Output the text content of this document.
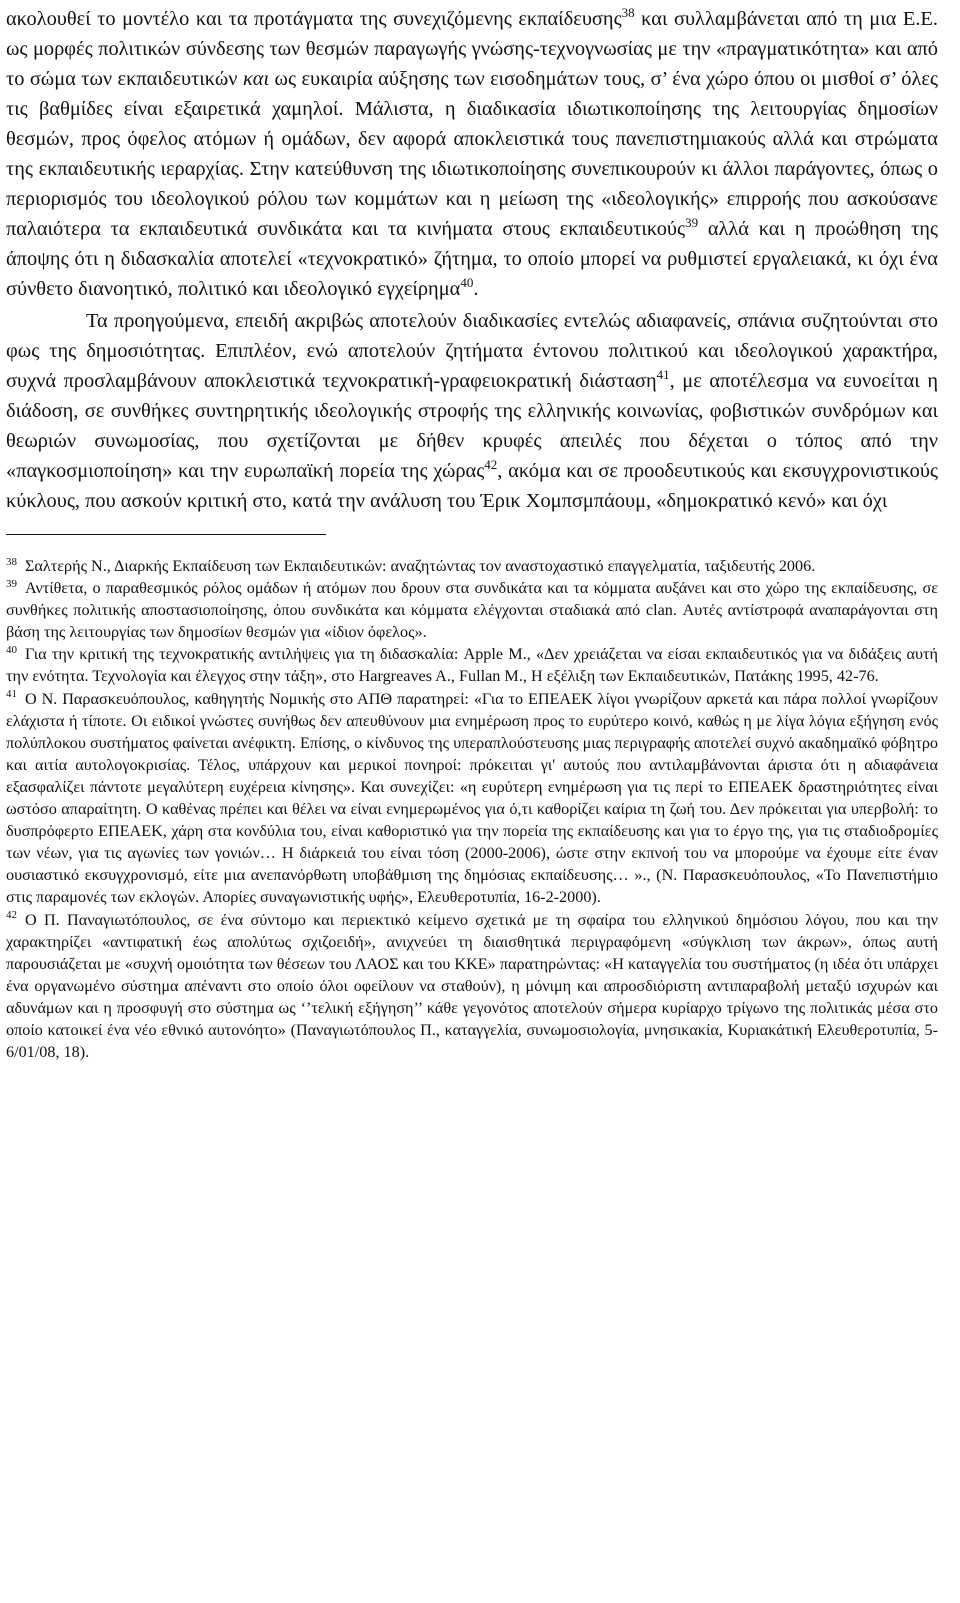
ακολουθεί το μοντέλο και τα προτάγματα της συνεχιζόμενης εκπαίδευσης$^{38}$ και συλλαμβάνεται από τη μια Ε.Ε. ως μορφές πολιτικών σύνδεσης των θεσμών παραγωγής γνώσης-τεχνογνωσίας με την «πραγματικότητα» και από το σώμα των εκπαιδευτικών και ως ευκαιρία αύξησης των εισοδημάτων τους, σ’ ένα χώρο όπου οι μισθοί σ’ όλες τις βαθμίδες είναι εξαιρετικά χαμηλοί. Μάλιστα, η διαδικασία ιδιωτικοποίησης της λειτουργίας δημοσίων θεσμών, προς όφελος ατόμων ή ομάδων, δεν αφορά αποκλειστικά τους πανεπιστημιακούς αλλά και στρώματα της εκπαιδευτικής ιεραρχίας. Στην κατεύθυνση της ιδιωτικοποίησης συνεπικουρούν κι άλλοι παράγοντες, όπως ο περιορισμός του ιδεολογικού ρόλου των κομμάτων και η μείωση της «ιδεολογικής» επιρροής που ασκούσανε παλαιότερα τα εκπαιδευτικά συνδικάτα και τα κινήματα στους εκπαιδευτικούς$^{39}$ αλλά και η προώθηση της άποψης ότι η διδασκαλία αποτελεί «τεχνοκρατικό» ζήτημα, το οποίο μπορεί να ρυθμιστεί εργαλειακά, κι όχι ένα σύνθετο διανοητικό, πολιτικό και ιδεολογικό εγχείρημα$^{40}$.

Τα προηγούμενα, επειδή ακριβώς αποτελούν διαδικασίες εντελώς αδιαφανείς, σπάνια συζητούνται στο φως της δημοσιότητας. Επιπλέον, ενώ αποτελούν ζητήματα έντονου πολιτικού και ιδεολογικού χαρακτήρα, συχνά προσλαμβάνουν αποκλειστικά τεχνοκρατική-γραφειοκρατική διάσταση$^{41}$, με αποτέλεσμα να ευνοείται η διάδοση, σε συνθήκες συντηρητικής ιδεολογικής στροφής της ελληνικής κοινωνίας, φοβιστικών συνδρόμων και θεωριών συνωμοσίας, που σχετίζονται με δήθεν κρυφές απειλές που δέχεται ο τόπος από την «παγκοσμιοποίηση» και την ευρωπαϊκή πορεία της χώρας$^{42}$, ακόμα και σε προοδευτικούς και εκσυγχρονιστικούς κύκλους, που ασκούν κριτική στο, κατά την ανάλυση του Έρικ Χομπσμπάουμ, «δημοκρατικό κενό» και όχι

$^{38}$ Σαλτερής Ν., Διαρκής Εκπαίδευση των Εκπαιδευτικών: αναζητώντας τον αναστοχαστικό επαγγελματία, ταξιδευτής 2006.

$^{39}$ Αντίθετα, ο παραθεσμικός ρόλος ομάδων ή ατόμων που δρουν στα συνδικάτα και τα κόμματα αυξάνει και στο χώρο της εκπαίδευσης, σε συνθήκες πολιτικής αποστασιοποίησης, όπου συνδικάτα και κόμματα ελέγχονται σταδιακά από clan. Αυτές αντίστροφά αναπαράγονται στη βάση της λειτουργίας των δημοσίων θεσμών για «ίδιον όφελος».

$^{40}$ Για την κριτική της τεχνοκρατικής αντιλήψεις για τη διδασκαλία: Apple M., «Δεν χρειάζεται να είσαι εκπαιδευτικός για να διδάξεις αυτή την ενότητα. Τεχνολογία και έλεγχος στην τάξη», στο Hargreaves A., Fullan M., Η εξέλιξη των Εκπαιδευτικών, Πατάκης 1995, 42-76.

$^{41}$ Ο Ν. Παρασκευόπουλος, καθηγητής Νομικής στο ΑΠΘ παρατηρεί: «Για το ΕΠΕΑΕΚ λίγοι γνωρίζουν αρκετά και πάρα πολλοί γνωρίζουν ελάχιστα ή τίποτε. Οι ειδικοί γνώστες συνήθως δεν απευθύνουν μια ενημέρωση προς το ευρύτερο κοινό, καθώς η με λίγα λόγια εξήγηση ενός πολύπλοκου συστήματος φαίνεται ανέφικτη. Επίσης, ο κίνδυνος της υπεραπλούστευσης μιας περιγραφής αποτελεί συχνό ακαδημαϊκό φόβητρο και αιτία αυτολογοκρισίας. Τέλος, υπάρχουν και μερικοί πονηροί: πρόκειται γι' αυτούς που αντιλαμβάνονται άριστα ότι η αδιαφάνεια εξασφαλίζει πάντοτε μεγαλύτερη ευχέρεια κίνησης». Και συνεχίζει: «η ευρύτερη ενημέρωση για τις περί το ΕΠΕΑΕΚ δραστηριότητες είναι ωστόσο απαραίτητη. Ο καθένας πρέπει και θέλει να είναι ενημερωμένος για ό,τι καθορίζει καίρια τη ζωή του. Δεν πρόκειται για υπερβολή: το δυσπρόφερτο ΕΠΕΑΕΚ, χάρη στα κονδύλια του, είναι καθοριστικό για την πορεία της εκπαίδευσης και για το έργο της, για τις σταδιοδρομίες των νέων, για τις αγωνίες των γονιών… Η διάρκειά του είναι τόση (2000-2006), ώστε στην εκπνοή του να μπορούμε να έχουμε είτε έναν ουσιαστικό εκσυγχρονισμό, είτε μια ανεπανόρθωτη υποβάθμιση της δημόσιας εκπαίδευσης… »., (Ν. Παρασκευόπουλος, «Το Πανεπιστήμιο στις παραμονές των εκλογών. Απορίες συναγωνιστικής υφής», Ελευθεροτυπία, 16-2-2000).

$^{42}$ Ο Π. Παναγιωτόπουλος, σε ένα σύντομο και περιεκτικό κείμενο σχετικά με τη σφαίρα του ελληνικού δημόσιου λόγου, που και την χαρακτηρίζει «αντιφατική έως απολύτως σχιζοειδή», ανιχνεύει τη διαισθητικά περιγραφόμενη «σύγκλιση των άκρων», όπως αυτή παρουσιάζεται με «συχνή ομοιότητα των θέσεων του ΛΑΟΣ και του ΚΚΕ» παρατηρώντας: «Η καταγγελία του συστήματος (η ιδέα ότι υπάρχει ένα οργανωμένο σύστημα απέναντι στο οποίο όλοι οφείλουν να σταθούν), η μόνιμη και απροσδιόριστη αντιπαραβολή μεταξύ ισχυρών και αδυνάμων και η προσφυγή στο σύστημα ως ‘’τελική εξήγηση’’ κάθε γεγονότος αποτελούν σήμερα κυρίαρχο τρίγωνο της πολιτικάς μέσα στο οποίο κατοικεί ένα νέο εθνικό αυτονόητο» (Παναγιωτόπουλος Π., καταγγελία, συνωμοσιολογία, μνησικακία, Κυριακάτική Ελευθεροτυπία, 5-6/01/08, 18).
